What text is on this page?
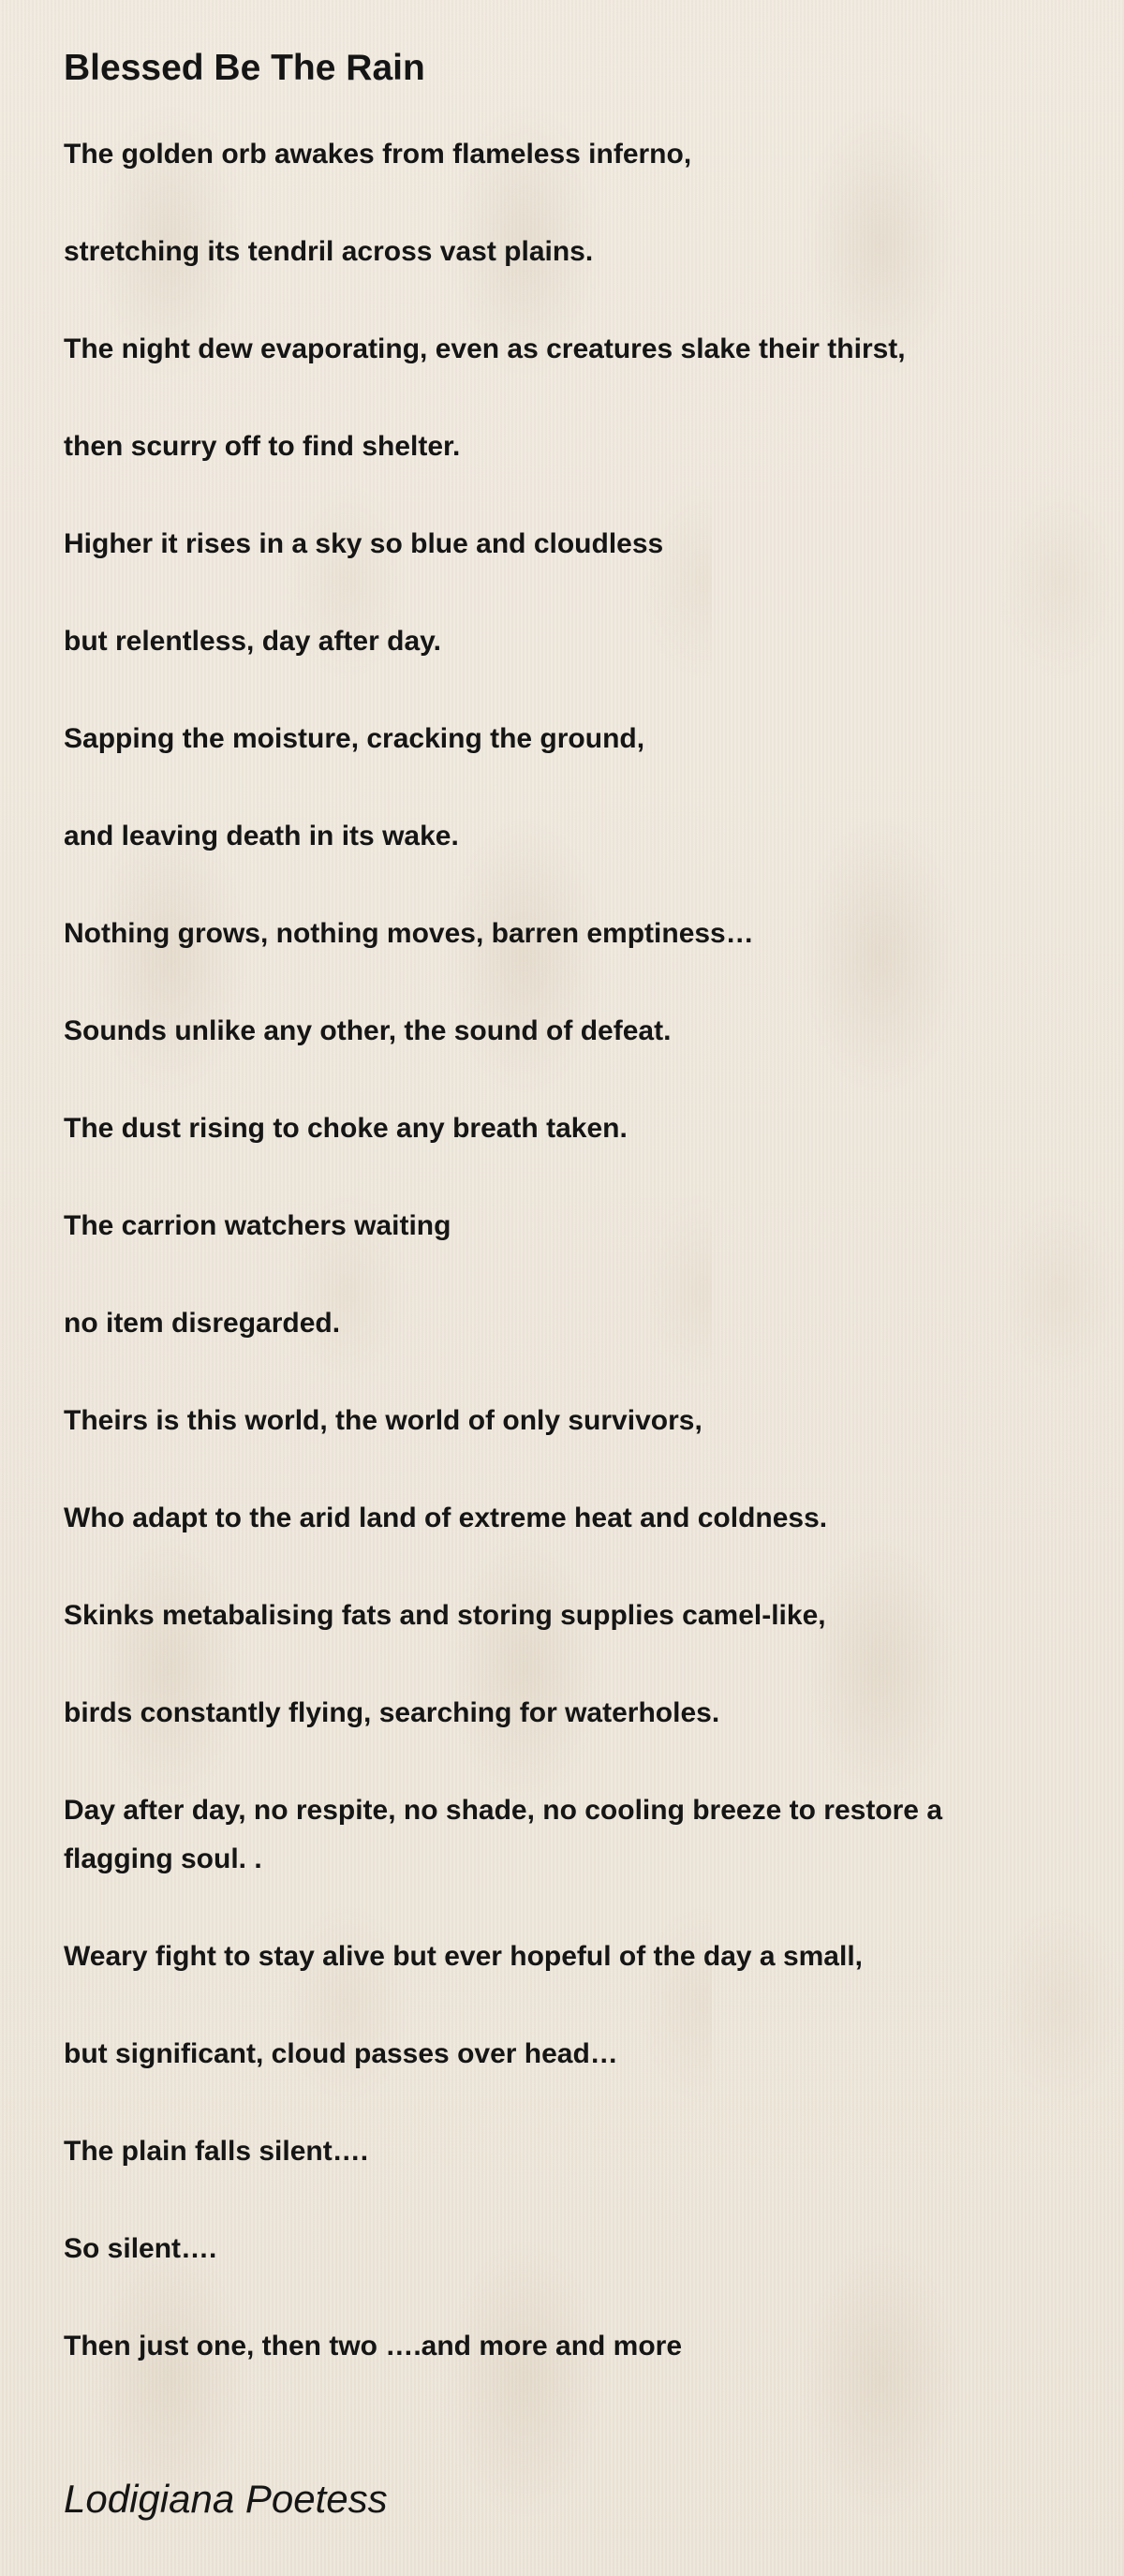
Blessed Be The Rain

The golden orb awakes from flameless inferno,

stretching its tendril across vast plains.

The night dew evaporating, even as creatures slake their thirst,

then scurry off to find shelter.

Higher it rises in a sky so blue and cloudless

but relentless, day after day.

Sapping the moisture, cracking the ground,

and leaving death in its wake.

Nothing grows, nothing moves, barren emptiness…

Sounds unlike any other, the sound of defeat.

The dust rising to choke any breath taken.

The carrion watchers waiting

no item disregarded.

Theirs is this world, the world of only survivors,

Who adapt to the arid land of extreme heat and coldness.

Skinks metabalising fats and storing supplies camel-like,

birds constantly flying, searching for waterholes.

Day after day, no respite, no shade, no cooling breeze to restore a flagging soul. .

Weary fight to stay alive but ever hopeful of the day a small,

but significant, cloud passes over head…

The plain falls silent….

So silent….

Then just one, then two ….and more and more

Lodigiana Poetess
